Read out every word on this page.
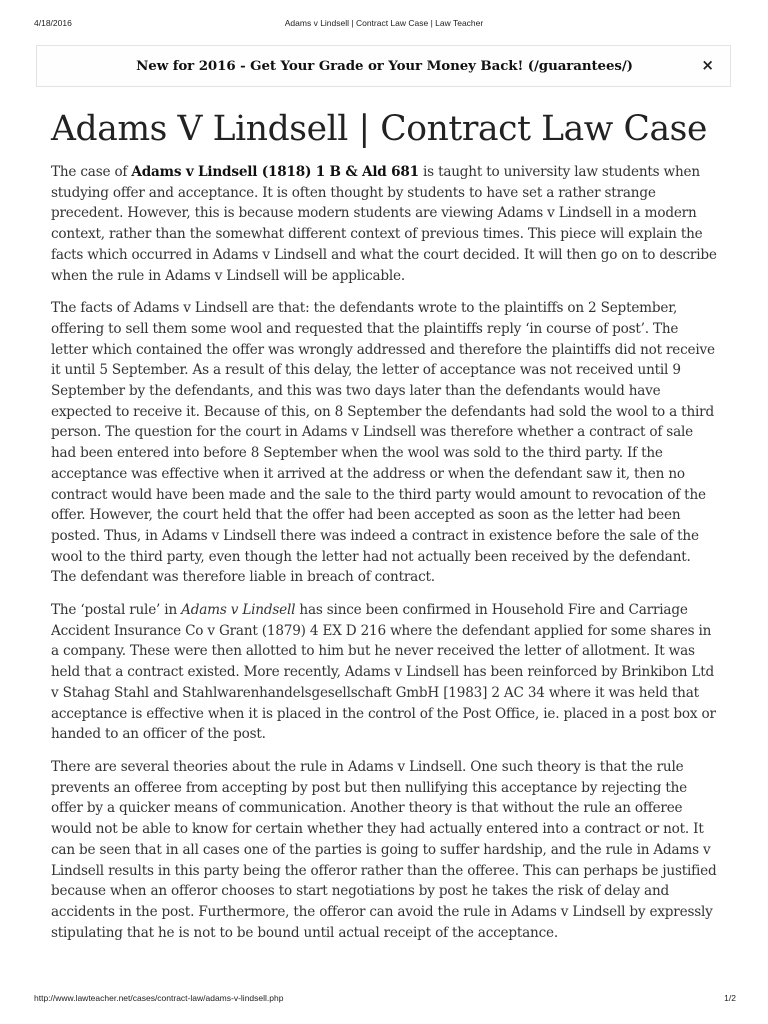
4/18/2016	Adams v Lindsell | Contract Law Case | Law Teacher
New for 2016 - Get Your Grade or Your Money Back! (/guarantees/)	×
Adams V Lindsell | Contract Law Case

The case of Adams v Lindsell (1818) 1 B & Ald 681 is taught to university law students when studying offer and acceptance. It is often thought by students to have set a rather strange precedent. However, this is because modern students are viewing Adams v Lindsell in a modern context, rather than the somewhat different context of previous times. This piece will explain the facts which occurred in Adams v Lindsell and what the court decided. It will then go on to describe when the rule in Adams v Lindsell will be applicable.

The facts of Adams v Lindsell are that: the defendants wrote to the plaintiffs on 2 September, offering to sell them some wool and requested that the plaintiffs reply ‘in course of post’. The letter which contained the offer was wrongly addressed and therefore the plaintiffs did not receive it until 5 September. As a result of this delay, the letter of acceptance was not received until 9 September by the defendants, and this was two days later than the defendants would have expected to receive it. Because of this, on 8 September the defendants had sold the wool to a third person. The question for the court in Adams v Lindsell was therefore whether a contract of sale had been entered into before 8 September when the wool was sold to the third party. If the acceptance was effective when it arrived at the address or when the defendant saw it, then no contract would have been made and the sale to the third party would amount to revocation of the offer. However, the court held that the offer had been accepted as soon as the letter had been posted. Thus, in Adams v Lindsell there was indeed a contract in existence before the sale of the wool to the third party, even though the letter had not actually been received by the defendant. The defendant was therefore liable in breach of contract.

The ‘postal rule’ in Adams v Lindsell has since been confirmed in Household Fire and Carriage Accident Insurance Co v Grant (1879) 4 EX D 216 where the defendant applied for some shares in a company. These were then allotted to him but he never received the letter of allotment. It was held that a contract existed. More recently, Adams v Lindsell has been reinforced by Brinkibon Ltd v Stahag Stahl and Stahlwarenhandelsgesellschaft GmbH [1983] 2 AC 34 where it was held that acceptance is effective when it is placed in the control of the Post Office, ie. placed in a post box or handed to an officer of the post.

There are several theories about the rule in Adams v Lindsell. One such theory is that the rule prevents an offeree from accepting by post but then nullifying this acceptance by rejecting the offer by a quicker means of communication. Another theory is that without the rule an offeree would not be able to know for certain whether they had actually entered into a contract or not. It can be seen that in all cases one of the parties is going to suffer hardship, and the rule in Adams v Lindsell results in this party being the offeror rather than the offeree. This can perhaps be justified because when an offeror chooses to start negotiations by post he takes the risk of delay and accidents in the post. Furthermore, the offeror can avoid the rule in Adams v Lindsell by expressly stipulating that he is not to be bound until actual receipt of the acceptance.

http://www.lawteacher.net/cases/contract-law/adams-v-lindsell.php	1/2
